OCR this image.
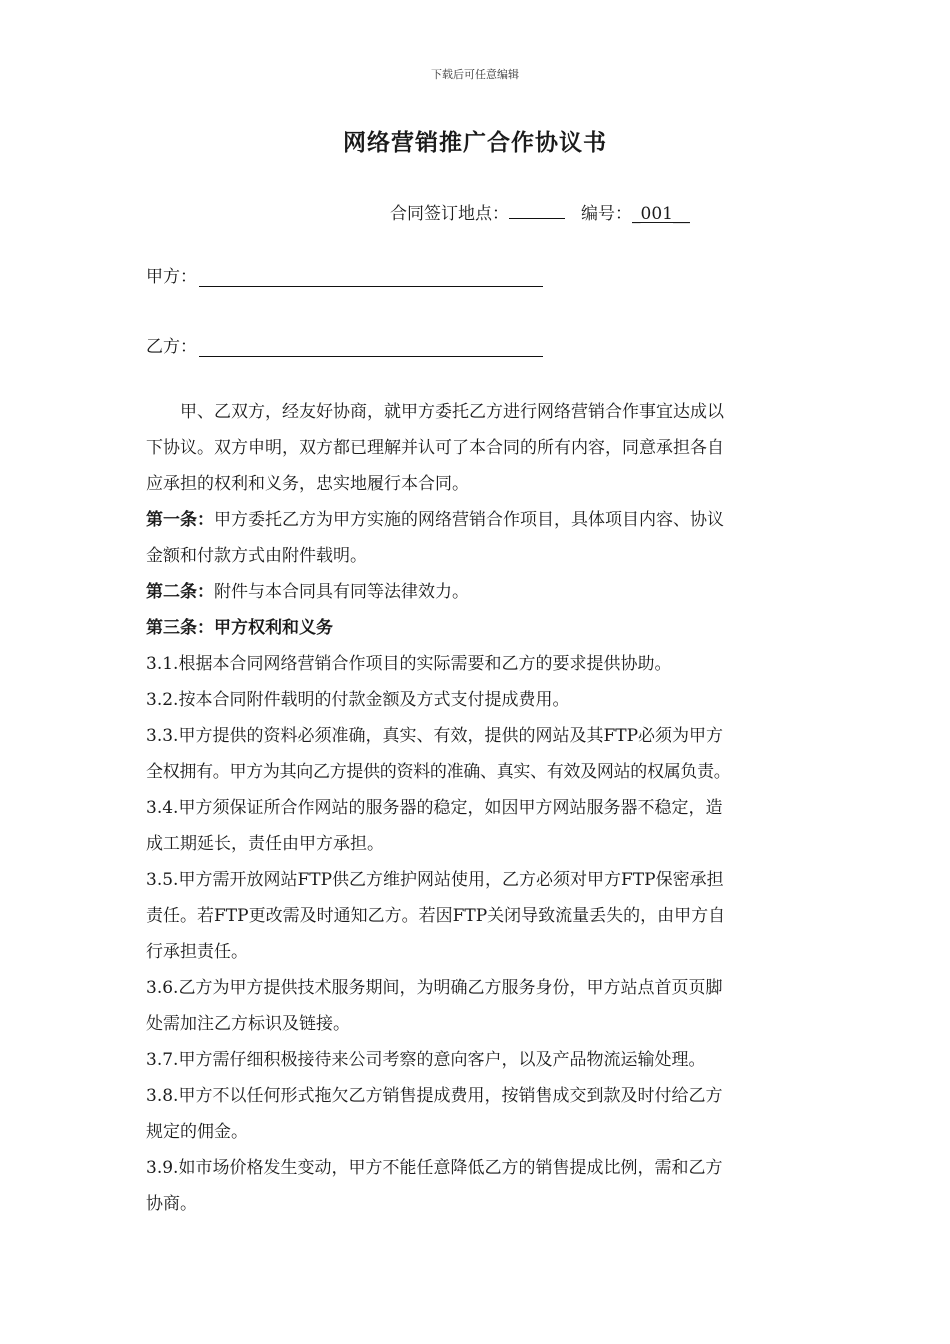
下载后可任意编辑
网络营销推广合作协议书
合同签订地点：	编号：_001__
甲方：
乙方：

甲、乙双方，经友好协商，就甲方委托乙方进行网络营销合作事宜达成以

下协议。双方申明，双方都已理解并认可了本合同的所有内容，同意承担各自

应承担的权利和义务，忠实地履行本合同。

第一条：甲方委托乙方为甲方实施的网络营销合作项目，具体项目内容、协议

金额和付款方式由附件载明。

第二条：附件与本合同具有同等法律效力。

第三条：甲方权利和义务

3.1.根据本合同网络营销合作项目的实际需要和乙方的要求提供协助。

3.2.按本合同附件载明的付款金额及方式支付提成费用。

3.3.甲方提供的资料必须准确，真实、有效，提供的网站及其FTP必须为甲方

全权拥有。甲方为其向乙方提供的资料的准确、真实、有效及网站的权属负责。

3.4.甲方须保证所合作网站的服务器的稳定，如因甲方网站服务器不稳定，造

成工期延长，责任由甲方承担。

3.5.甲方需开放网站FTP供乙方维护网站使用，乙方必须对甲方FTP保密承担

责任。若FTP更改需及时通知乙方。若因FTP关闭导致流量丢失的，由甲方自

行承担责任。

3.6.乙方为甲方提供技术服务期间，为明确乙方服务身份，甲方站点首页页脚

处需加注乙方标识及链接。

3.7.甲方需仔细积极接待来公司考察的意向客户，以及产品物流运输处理。

3.8.甲方不以任何形式拖欠乙方销售提成费用，按销售成交到款及时付给乙方

规定的佣金。

3.9.如市场价格发生变动，甲方不能任意降低乙方的销售提成比例，需和乙方

协商。
